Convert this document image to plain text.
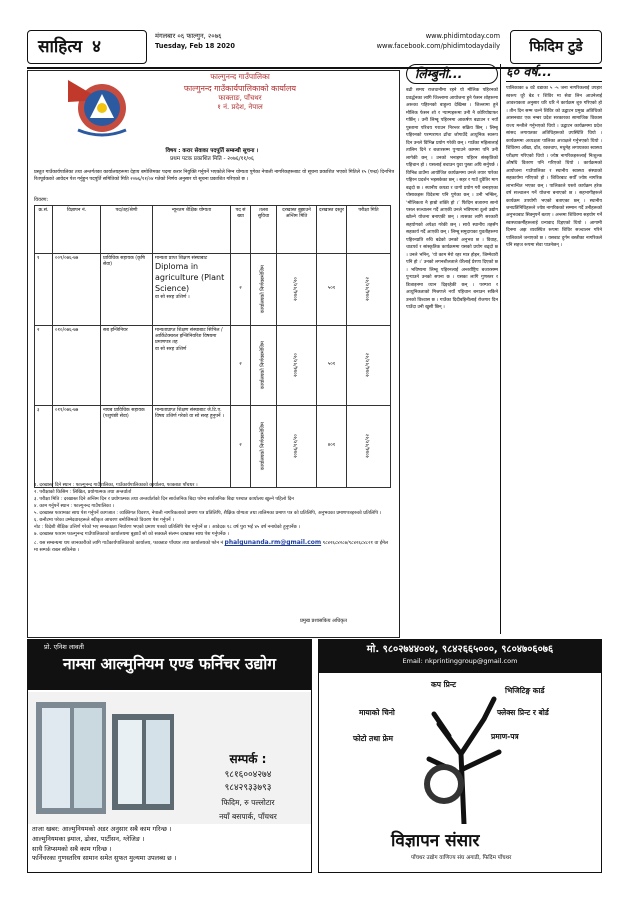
साहित्य ४
मंगलबार ०६ फाल्गुन, २०७६
Tuesday, Feb 18 2020
www.phidimtoday.com
www.facebook.com/phidimtodaydaily	फिदिम टुडे
फाल्गुनन्द गाउँपालिका
फाल्गुनन्द गाउँकार्यपालिकाको कार्यालय
फाक्ताङ, पाँचथर
१ नं. प्रदेश, नेपाल
विषय : करार सेवाका पदपूर्ति सम्बन्धी सूचना ।
प्रथम पटक प्रकाशित मिति - २०७६/११/०६
प्रस्तुत गाउँकार्यपालिका तथा अन्तर्गतका कार्यालयहरूमा देहाय बमोजिमका पदमा करार नियुक्ति गर्नुपर्ने भएकोले निम्न योग्यता पुगेका नेपाली नागरिकहरूबाट यो सूचना प्रकाशित भएको मितिले १५ (पन्ध्र) दिनभित्र रितपूर्वकको आवेदन पेश गर्नुहुन पदपूर्ति समितिको मिति २०७६/११/०४ गतेको निर्णय अनुसार यो सूचना प्रकाशित गरिएको छ ।
विवरण:
क्र.सं.	विज्ञापन नं.	पद/तह/श्रेणी	न्यूनतम शैक्षिक योग्यता	पद सं ख्या	तलब सुविधा	दरखास्त बुझाउने अन्तिम मिति	दरखास्त दस्तुर	परीक्षा मिति
१	००९/०७६-७७	प्राविधिक सहायक (कृषि सेवा)	मान्यता प्राप्त शिक्षण संस्थाबाट
Diploma in agriculture (Plant Science)
वा सो सरह उत्तिर्ण ।	२	कार्यालयको निर्णयबमोजिम	२०७६/११/२०	५०१	२०७६/११/२२

२	०१०/०७६-७७	सब इन्जिनियर	मान्यताप्राप्त शिक्षण संस्थाबाट सिभिल / आर्किटेक्चरल इन्जिनियरिङ विषयमा प्रमाणपत्र तह
वा सो सरह उत्तिर्ण	२	कार्यालयको निर्णयबमोजिम	२०७६/११/२०	५०१	२०७६/११/२२

३	०११/०७६-७७	नायब प्राविधिक सहायक (पशुपंछी सेवा)	मान्यताप्राप्त शिक्षण संस्थाबाट जे.टि.ए. विषय उत्तिर्ण गरेको वा सो सरह हुनुपर्ने ।	२	कार्यालयको निर्णयबमोजिम	२०७६/११/२०	४०१	२०७६/११/२२
१. दरखास्त दिने स्थान : फाल्गुनन्द गाउँपालिका, गाउँकार्यपालिकाको कार्यालय, फाक्ताङ पाँचथर ।
२. परीक्षाको किसिम : लिखित, प्रयोगात्मक तथा अन्तर्वार्ता
३. परीक्षा मिति : दरखास्त दिने अन्तिम दिन र प्रयोगात्मक तथा अन्तर्वार्ताको दिन सार्वजनिक बिदा परेमा सार्वजनिक बिदा पश्चात कार्यालय खुल्ने पहिलो दिन
४. काम गर्नुपर्ने स्थान : फाल्गुनन्द गाउँपालिका ।
५. दरखास्त फारामका साथ पेश गर्नुपर्ने कागजात : व्यक्तिगत विवरण, नेपाली नागरिकताको प्रमाण पत्र प्रतिलिपि, शैक्षिक योग्यता तथा तालिमका प्रमाण पत्र को प्रतिलिपि, अनुभवका प्रमाणपत्रहरुको प्रतिलिपि ।
६. छनौटमा परेका उम्मेदवारहरूले स्वीकृत आचरण बमोजिमको विवरण पेश गर्नुपर्ने ।
नोट : विदेशी शैक्षिक उत्तिर्ण गरेको भए समकक्षता निर्धारण भएको प्रमाण पत्रको प्रतिलिपि पेश गर्नुपर्ने छ । आवेदक १८ वर्ष पुरा भई ४५ वर्ष ननाघेको हुनुपर्नेछ ।
७. दरखास्त फाराम फाल्गुनन्द गाउँपालिकाको कार्यालयमा बुझाउँ सो को सक्कलै संलग्न दरखास्त साथ पेश गर्नुपर्नेछ ।
८. यस सम्बन्धमा थप जानकारीको लागि गाउँकार्यपालिकाको कार्यालय, फाक्ताङ पाँचथर तथा कार्यालयको फोन नं phalgunanda.rm@gmail.com ९८४२६८४२८७/९८४२६८४८२१ वा ईमेल
मा सम्पर्क राख्न सकिनेछ ।
प्रमुख प्रशासकिय अधिकृत
लिम्बुनी...
बढी समय राजधानीमा रहने यो मौलिक पहिरनको प्रवर्द्धनका लागि जिल्लामा आयोजना हुने फेसन शोहरूमा अरूका पहिरनको बाहुल्य देखिन्छ । जिल्लामा हुने मौलिक फेसन शो र ऱ्याम्पहरूमा उनी नै कोरियोग्राफर गर्छिन् । उनी लिम्बू पहिरनमा आकर्षण बढाउन र नयाँ पुस्तामा परिचय गराउन निरन्तर सक्रिय छिन् । लिम्बू पहिरनको परम्परागत ढाँचा जोगाउँदै आधुनिक स्वरूप दिन उनले विभिन्न प्रयोग गरेकी छन् । गाउँका महिलालाई तालिम दिने र बजारसम्म पुर्‍याउने काममा पनि उनी लागेकी छन् । उनको भनाइमा पहिरन संस्कृतिको पहिचान हो । यसलाई बचाउन युवा पुस्ता अघि सर्नुपर्छ । विभिन्न ठाउँमा आयोजित कार्यक्रममा उनले तयार पारेका पहिरन प्रदर्शन भइसकेका छन् । सहर र गाउँ दुवैतिर माग बढ्दो छ । स्थानीय कपडा र धागो प्रयोग गरी बनाइएका पोसाकहरू विदेशमा पनि पुगेका छन् । उनी भन्छिन्, ‘मौलिकता नै हाम्रो शक्ति हो ।’ फिदिम बजारमा सानो पसल सञ्चालन गर्दै आएकी उनले भविष्यमा ठूलो उद्योग खोल्ने योजना बनाएकी छन् । त्यसका लागि सरकारी सहयोगको अपेक्षा गरेकी छन् । साथै स्थानीय तहसँग सहकार्य गर्दै आएकी छन् । लिम्बू समुदायका युवतीहरूमा पहिरनप्रति रुचि बढेको उनको अनुभव छ । विवाह, चाडपर्व र सांस्कृतिक कार्यक्रममा यसको प्रयोग बढ्दो छ । उनले भनिन्, ‘यो काम मेरो रहर मात्र होइन, जिम्मेवारी पनि हो ।’ उनको लगनशीलताले धेरैलाई प्रेरणा दिएको छ । भविष्यमा लिम्बू पहिरनलाई अन्तर्राष्ट्रिय बजारसम्म पुर्‍याउने उनको सपना छ । यसका लागि गुणस्तर र डिजाइनमा ध्यान दिइरहेकी छन् । परम्परा र आधुनिकताको मिश्रणले नयाँ पहिचान बनाउन सकिने उनको विश्वास छ । गाउँका दिदीबहिनीलाई रोजगार दिन पाउँदा उनी खुसी छिन् ।
६० वर्ष...
पालिकाका ७ वटै वडाका ५ -५ जना नागरिकलाई उपहार स्वरूप धूरै बेड र शिविर मा सेवा लिन आउनेलाई आवश्यकता अनुसार थरि थरि ने कार्यक्रम शुरु गरिएको हो । तीन दिन सम्म चल्ने शिविर को उद्घाटन प्रमुख अतिथिको आसनबाट एक नम्बर प्रदेश सरकारका सामाजिक विकास राज्य मन्त्रीले गर्नुभएको थियो । उद्घाटन कार्यक्रममा प्रदेश सांसद लगायतका अतिथिहरूको उपस्थिति थियो । कार्यक्रममा अध्यक्षता पालिका अध्यक्षले गर्नुभएको थियो । शिविरमा आँखा, दाँत, रक्तचाप, मधुमेह लगायतका स्वास्थ्य परीक्षण गरिएको थियो । ज्येष्ठ नागरिकहरूलाई निःशुल्क औषधि वितरण पनि गरिएको थियो । कार्यक्रमको आयोजना गाउँपालिका र स्थानीय स्वास्थ्य संस्थाको सहकार्यमा गरिएको हो । शिविरबाट सयौँ ज्येष्ठ नागरिक लाभान्वित भएका छन् । पालिकाले यस्तो कार्यक्रम हरेक वर्ष सञ्चालन गर्ने योजना बनाएको छ । सहभागीहरूले कार्यक्रम उपयोगी भएको बताएका छन् । स्थानीय जनप्रतिनिधिहरूले ज्येष्ठ नागरिकको सम्मान गर्दै उनीहरूको अनुभवबाट सिक्नुपर्ने बताए । अन्तमा शिविरमा सहयोग गर्ने स्वास्थ्यकर्मीहरूलाई धन्यवाद दिइएको थियो । आगामी दिनमा अझ व्यवस्थित रूपमा शिविर सञ्चालन गरिने पालिकाले जनाएको छ । यसबाट दुर्गम बस्तीका नागरिकले पनि सहज रूपमा सेवा पाउनेछन् ।
प्रो. एनिश लावती
नाम्सा आल्मुनियम एण्ड फर्निचर उद्योग
सम्पर्क :
९८१६००४२७४
९८४२९३३७९३
फिदिम, रु पल्लोटार
नयाँ बसपार्क, पाँचथर
ताजा खबर: आल्मुनियमको अडर अनुसार सबै काम गरिन्छ ।
आल्मुनियमका झ्याल, ढोका, पार्टीसन, ग्लेजिङ ।
साथै जिप्समको सबै काम गरिन्छ ।
फर्निचरका गुणस्तरिय सामान समेत सुफत मुल्यमा उपलब्ध छ ।
मो. ९८०२७४४००४, ९८४२६६५०००, ९८०४७०६०७६
Email: nkprintinggroup@gmail.com
कप प्रिन्ट
भिजिटिङ्ग कार्ड
मायाको चिनो	फ्लेक्स प्रिन्ट र बोर्ड
फोटो तथा फ्रेम	प्रमाण-पत्र
विज्ञापन संसार
पाँचथर उद्योग वाणिज्य संघ अगाडी, फिदिम पाँचथर
